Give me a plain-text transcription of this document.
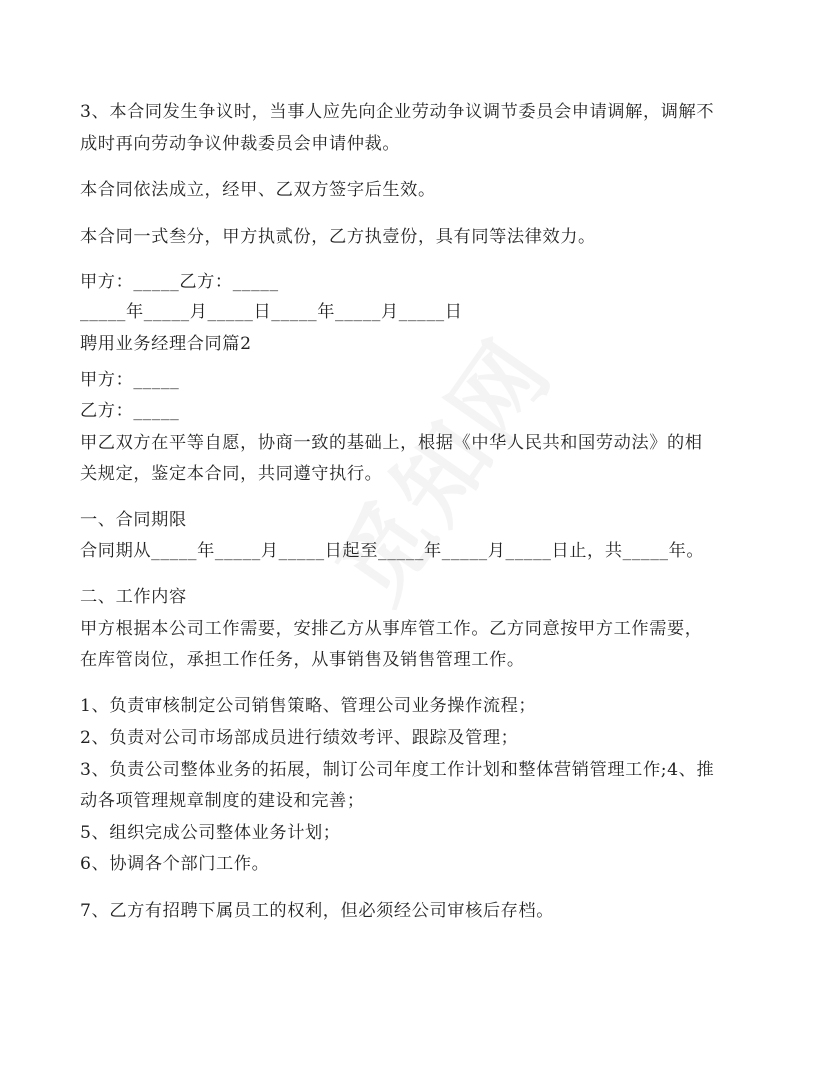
3、本合同发生争议时，当事人应先向企业劳动争议调节委员会申请调解，调解不
成时再向劳动争议仲裁委员会申请仲裁。
本合同依法成立，经甲、乙双方签字后生效。
本合同一式叁分，甲方执贰份，乙方执壹份，具有同等法律效力。
甲方：_____乙方：_____
_____年_____月_____日_____年_____月_____日
聘用业务经理合同篇2
甲方：_____
乙方：_____
甲乙双方在平等自愿，协商一致的基础上，根据《中华人民共和国劳动法》的相
关规定，鉴定本合同，共同遵守执行。
一、合同期限
合同期从_____年_____月_____日起至_____年_____月_____日止，共_____年。
二、工作内容
甲方根据本公司工作需要，安排乙方从事库管工作。乙方同意按甲方工作需要，
在库管岗位，承担工作任务，从事销售及销售管理工作。
1、负责审核制定公司销售策略、管理公司业务操作流程；
2、负责对公司市场部成员进行绩效考评、跟踪及管理；
3、负责公司整体业务的拓展，制订公司年度工作计划和整体营销管理工作;4、推
动各项管理规章制度的建设和完善；
5、组织完成公司整体业务计划；
6、协调各个部门工作。
7、乙方有招聘下属员工的权利，但必须经公司审核后存档。
